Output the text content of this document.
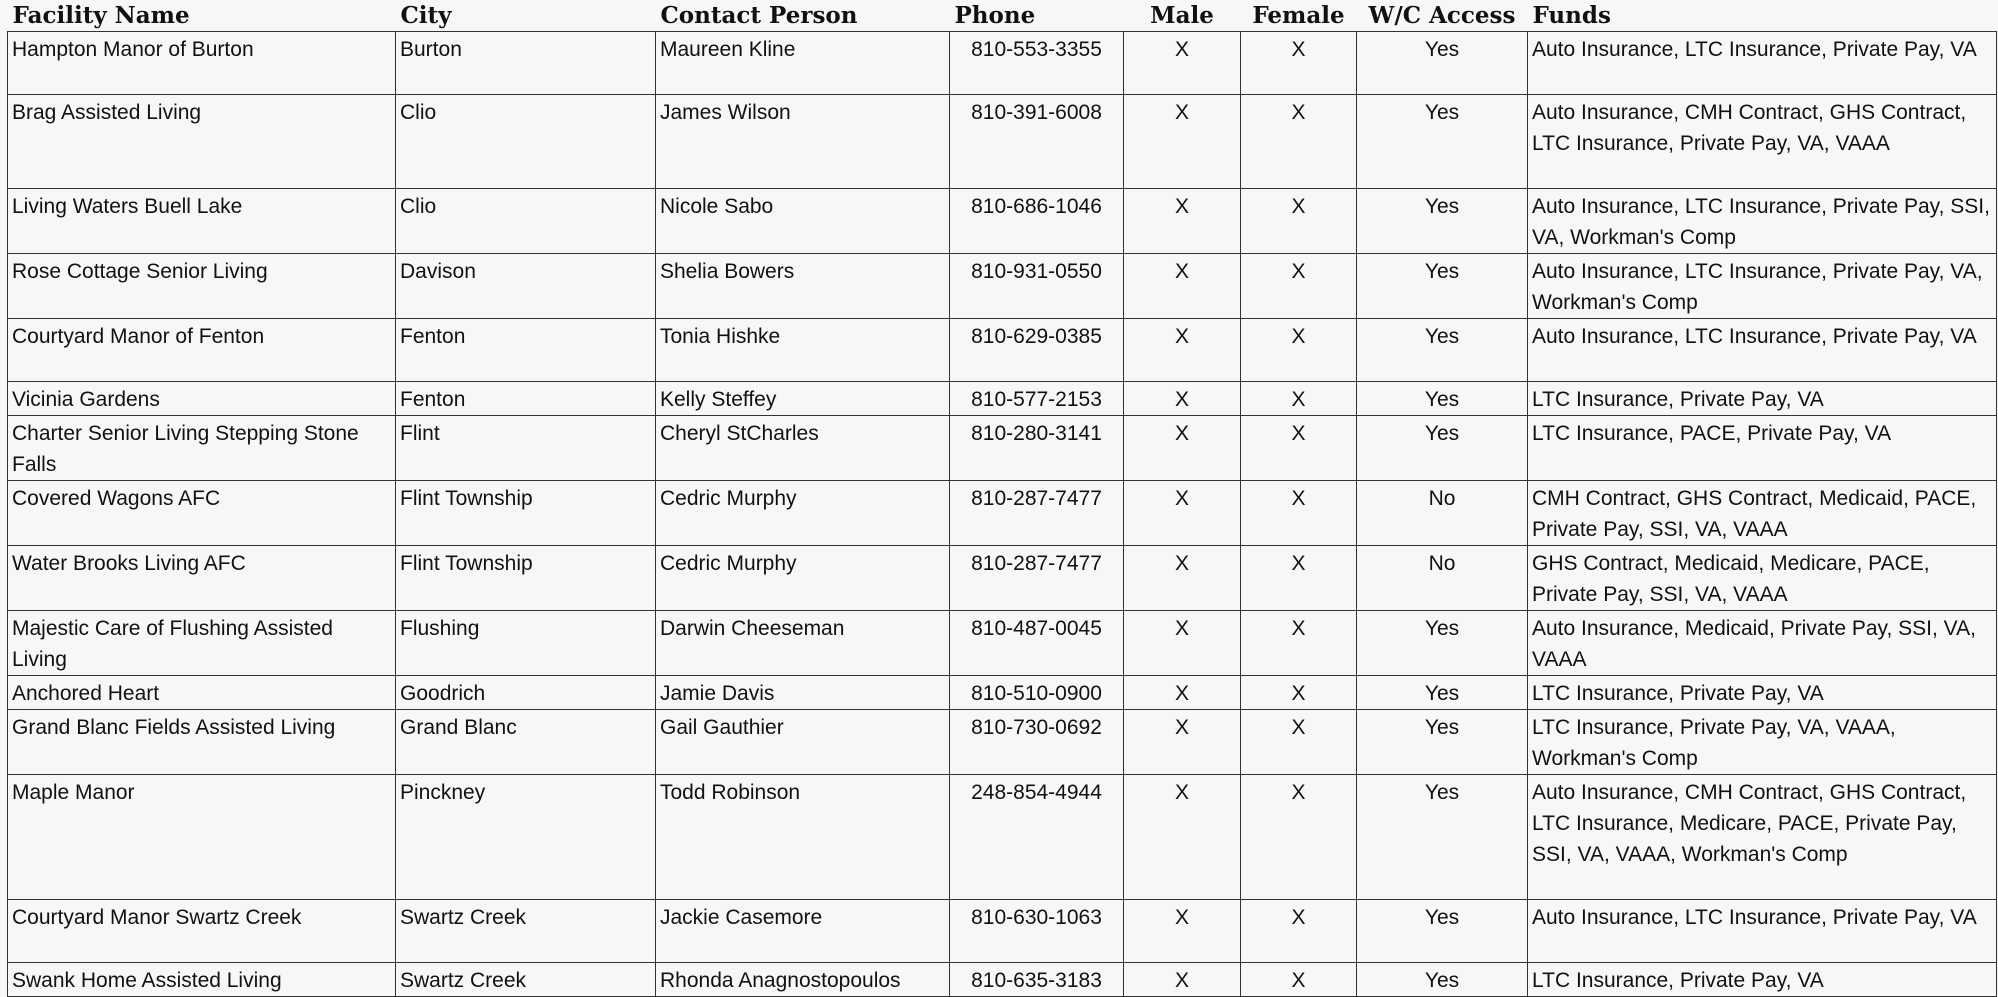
Facility Name	City	Contact Person	Phone	Male	Female	W/C Access	Funds
Hampton Manor of Burton	Burton	Maureen Kline	810-553-3355	X	X	Yes	Auto Insurance, LTC Insurance, Private Pay, VA
Brag Assisted Living	Clio	James Wilson	810-391-6008	X	X	Yes	Auto Insurance, CMH Contract, GHS Contract, LTC Insurance, Private Pay, VA, VAAA
Living Waters Buell Lake	Clio	Nicole Sabo	810-686-1046	X	X	Yes	Auto Insurance, LTC Insurance, Private Pay, SSI, VA, Workman's Comp
Rose Cottage Senior Living	Davison	Shelia Bowers	810-931-0550	X	X	Yes	Auto Insurance, LTC Insurance, Private Pay, VA, Workman's Comp
Courtyard Manor of Fenton	Fenton	Tonia Hishke	810-629-0385	X	X	Yes	Auto Insurance, LTC Insurance, Private Pay, VA
Vicinia Gardens	Fenton	Kelly Steffey	810-577-2153	X	X	Yes	LTC Insurance, Private Pay, VA
Charter Senior Living Stepping Stone Falls	Flint	Cheryl StCharles	810-280-3141	X	X	Yes	LTC Insurance, PACE, Private Pay, VA
Covered Wagons AFC	Flint Township	Cedric Murphy	810-287-7477	X	X	No	CMH Contract, GHS Contract, Medicaid, PACE, Private Pay, SSI, VA, VAAA
Water Brooks Living AFC	Flint Township	Cedric Murphy	810-287-7477	X	X	No	GHS Contract, Medicaid, Medicare, PACE, Private Pay, SSI, VA, VAAA
Majestic Care of Flushing Assisted Living	Flushing	Darwin Cheeseman	810-487-0045	X	X	Yes	Auto Insurance, Medicaid, Private Pay, SSI, VA, VAAA
Anchored Heart	Goodrich	Jamie Davis	810-510-0900	X	X	Yes	LTC Insurance, Private Pay, VA
Grand Blanc Fields Assisted Living	Grand Blanc	Gail Gauthier	810-730-0692	X	X	Yes	LTC Insurance, Private Pay, VA, VAAA, Workman's Comp
Maple Manor	Pinckney	Todd Robinson	248-854-4944	X	X	Yes	Auto Insurance, CMH Contract, GHS Contract, LTC Insurance, Medicare, PACE, Private Pay, SSI, VA, VAAA, Workman's Comp
Courtyard Manor Swartz Creek	Swartz Creek	Jackie Casemore	810-630-1063	X	X	Yes	Auto Insurance, LTC Insurance, Private Pay, VA
Swank Home Assisted Living	Swartz Creek	Rhonda Anagnostopoulos	810-635-3183	X	X	Yes	LTC Insurance, Private Pay, VA
